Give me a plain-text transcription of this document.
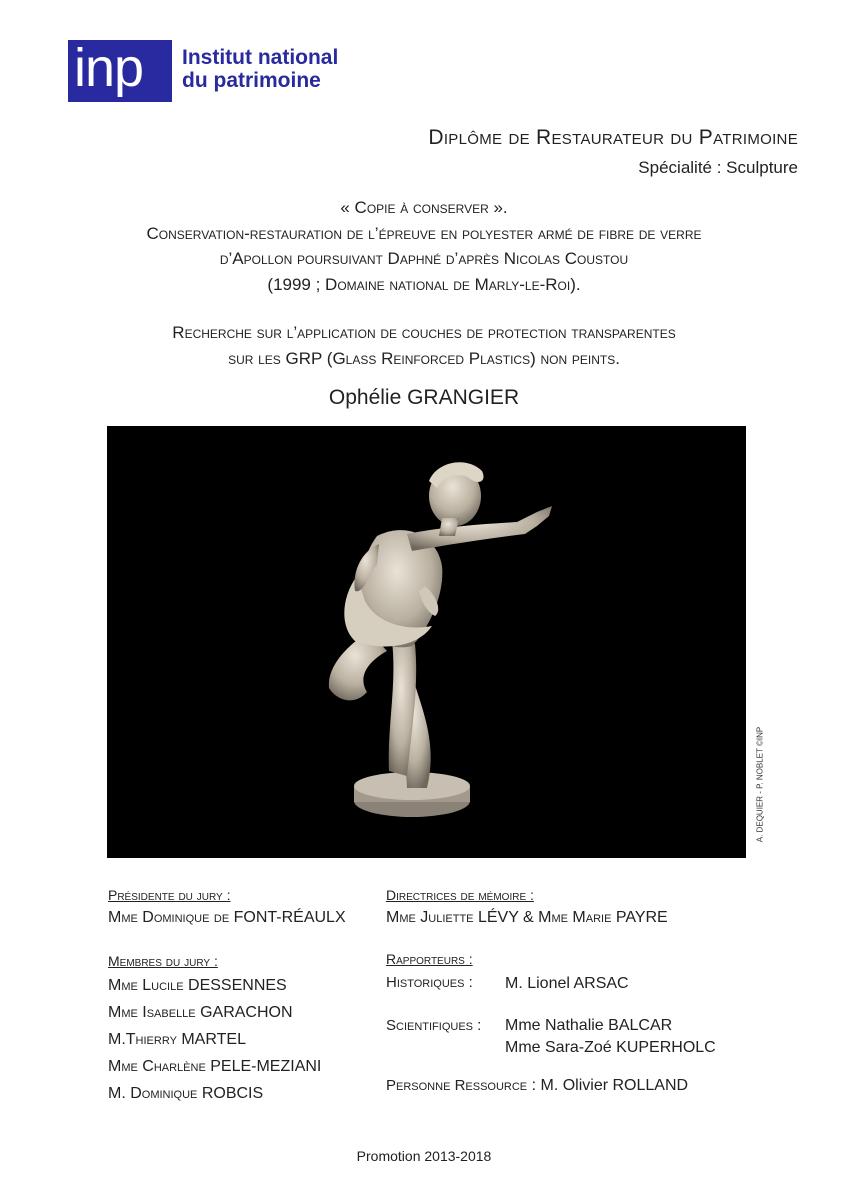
inp Institut national
du patrimoine
Diplôme de Restaurateur du Patrimoine
Spécialité : Sculpture
« Copie à conserver ».
Conservation-restauration de l’épreuve en polyester armé de fibre de verre
d’Apollon poursuivant Daphné d’après Nicolas Coustou
(1999 ; Domaine national de Marly-le-Roi).
Recherche sur l’application de couches de protection transparentes
sur les GRP (Glass Reinforced Plastics) non peints.
Ophélie GRANGIER
A. DEQUIER - P. NOBLET ©INP
Présidente du jury :
Mme Dominique de FONT-RÉAULX
Membres du jury :
Mme Lucile DESSENNES
Mme Isabelle GARACHON
M.Thierry MARTEL
Mme Charlène PELE-MEZIANI
M. Dominique ROBCIS
Directrices de mémoire :
Mme Juliette LÉVY & Mme Marie PAYRE
Rapporteurs :
Historiques : M. Lionel ARSAC
Scientifiques : Mme Nathalie BALCAR
Mme Sara-Zoé KUPERHOLC
Personne Ressource : M. Olivier ROLLAND
Promotion 2013-2018
